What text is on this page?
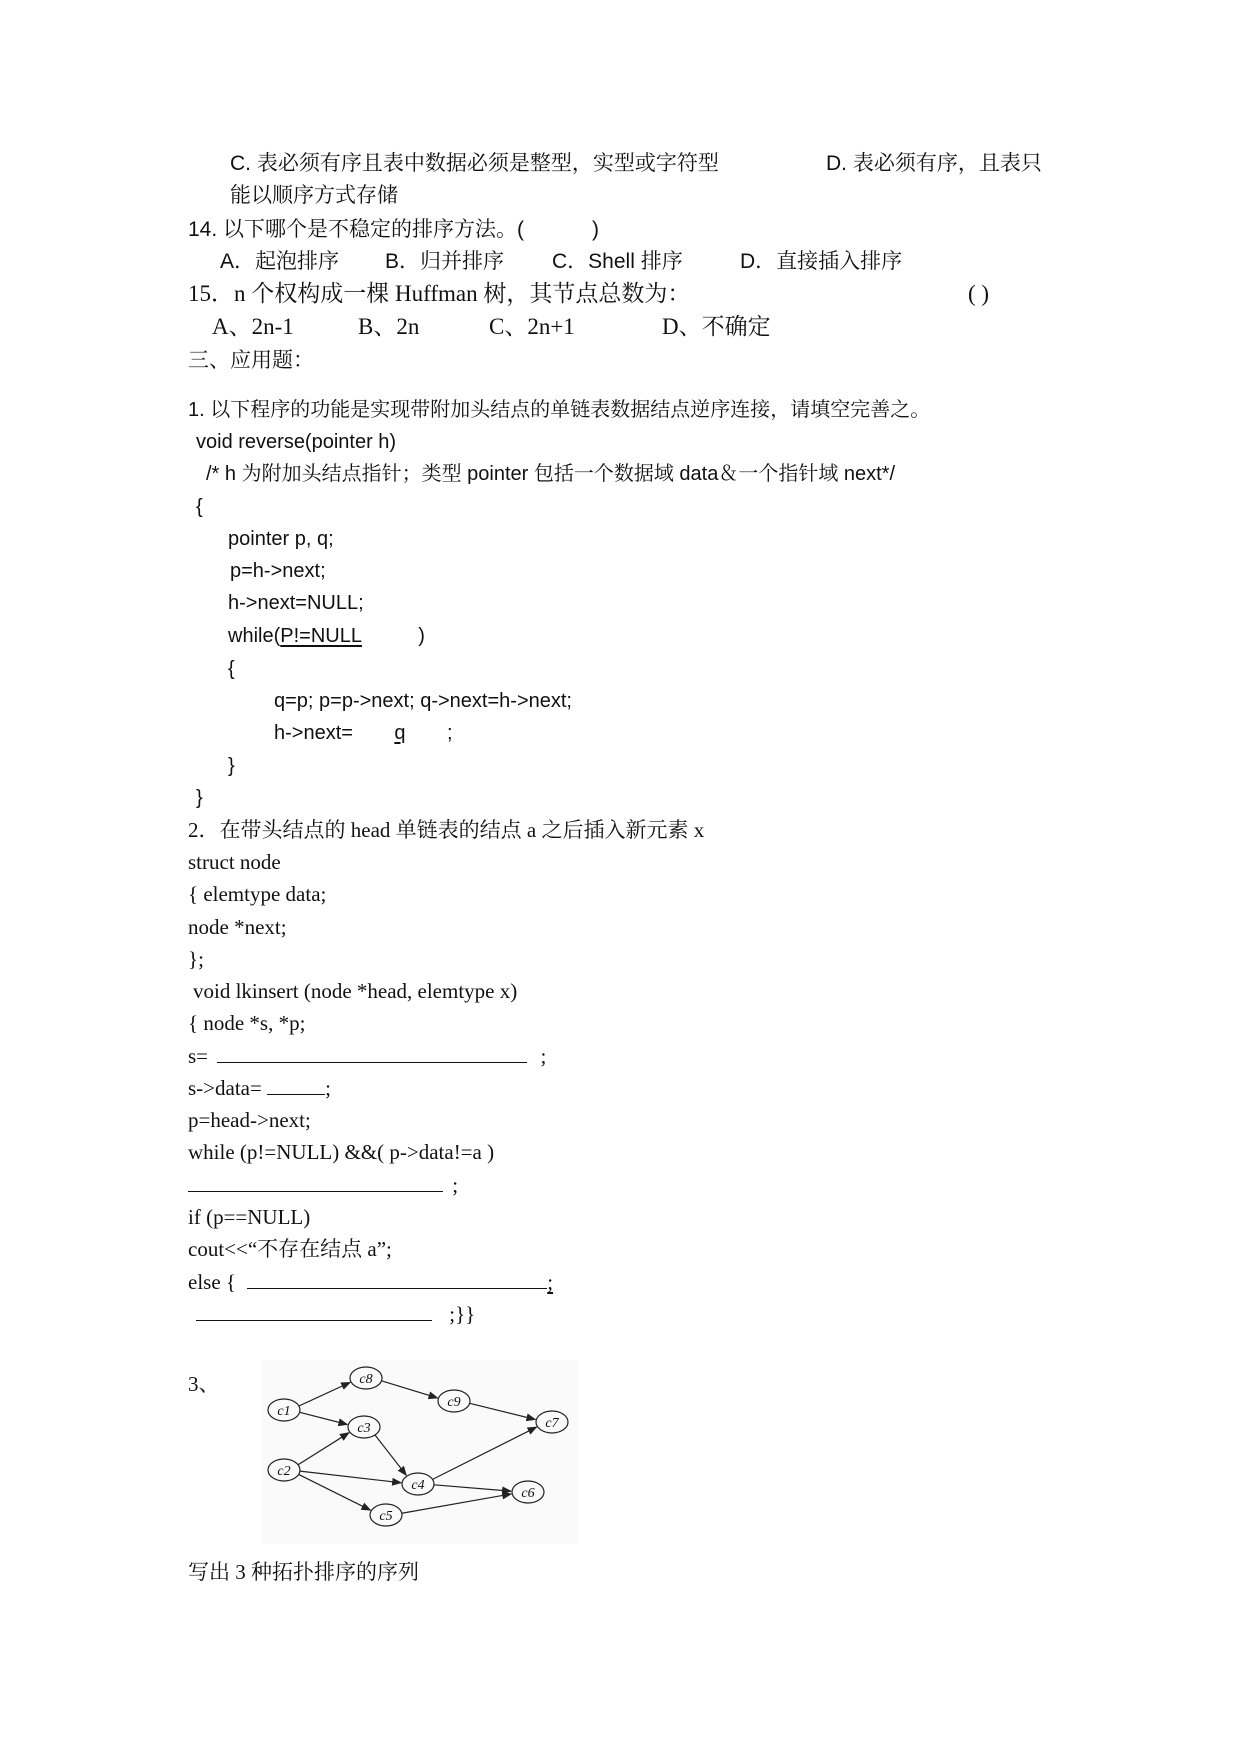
C. 表必须有序且表中数据必须是整型，实型或字符型	D. 表必须有序，且表只
能以顺序方式存储
14. 以下哪个是不稳定的排序方法。(	)
A．起泡排序 B．归并排序 C．Shell 排序	D．直接插入排序
15．n 个权构成一棵 Huffman 树，其节点总数为：	( )
A、2n-1	B、2n	C、2n+1	D、不确定
三、应用题：
1. 以下程序的功能是实现带附加头结点的单链表数据结点逆序连接，请填空完善之。
void reverse(pointer h)
/* h 为附加头结点指针；类型 pointer 包括一个数据域 data＆一个指针域 next*/
{
pointer p, q;
p=h->next;
h->next=NULL;
while(P!=NULL	)
{
q=p; p=p->next; q->next=h->next;
h->next= q ;
}
}
2．在带头结点的 head 单链表的结点 a 之后插入新元素 x
struct node
{ elemtype data;
node *next;
};
void lkinsert (node *head, elemtype x)
{ node *s, *p;
s=	;
s->data=	;
p=head->next;
while (p!=NULL) &&( p->data!=a )
;
if (p==NULL)
cout<<“不存在结点 a”;
else {	;
;}}
3、
c1
c2
c3
c4
c5
c6
c7
c8
c9
写出 3 种拓扑排序的序列
